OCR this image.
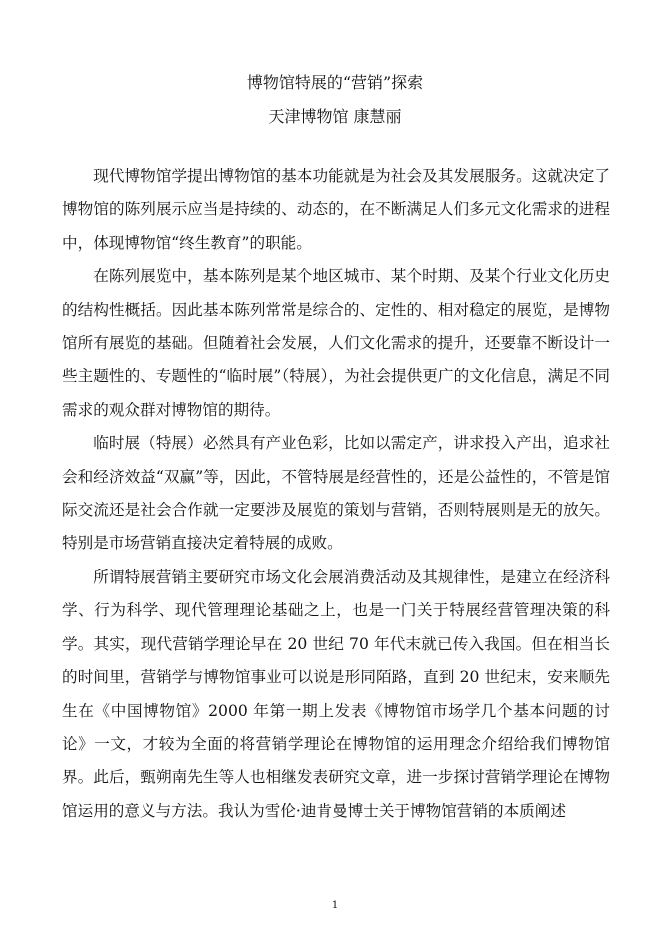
博物馆特展的“营销”探索
天津博物馆 康慧丽

现代博物馆学提出博物馆的基本功能就是为社会及其发展服务。这就决定了博物馆的陈列展示应当是持续的、动态的，在不断满足人们多元文化需求的进程中，体现博物馆“终生教育”的职能。

在陈列展览中，基本陈列是某个地区城市、某个时期、及某个行业文化历史的结构性概括。因此基本陈列常常是综合的、定性的、相对稳定的展览，是博物馆所有展览的基础。但随着社会发展，人们文化需求的提升，还要靠不断设计一些主题性的、专题性的“临时展”（特展），为社会提供更广的文化信息，满足不同需求的观众群对博物馆的期待。

临时展（特展）必然具有产业色彩，比如以需定产，讲求投入产出，追求社会和经济效益“双赢”等，因此，不管特展是经营性的，还是公益性的，不管是馆际交流还是社会合作就一定要涉及展览的策划与营销，否则特展则是无的放矢。特别是市场营销直接决定着特展的成败。

所谓特展营销主要研究市场文化会展消费活动及其规律性，是建立在经济科学、行为科学、现代管理理论基础之上，也是一门关于特展经营管理决策的科学。其实，现代营销学理论早在 20 世纪 70 年代末就已传入我国。但在相当长的时间里，营销学与博物馆事业可以说是形同陌路，直到 20 世纪末，安来顺先生在《中国博物馆》2000 年第一期上发表《博物馆市场学几个基本问题的讨论》一文，才较为全面的将营销学理论在博物馆的运用理念介绍给我们博物馆界。此后，甄朔南先生等人也相继发表研究文章，进一步探讨营销学理论在博物馆运用的意义与方法。我认为雪伦·迪肯曼博士关于博物馆营销的本质阐述

1
